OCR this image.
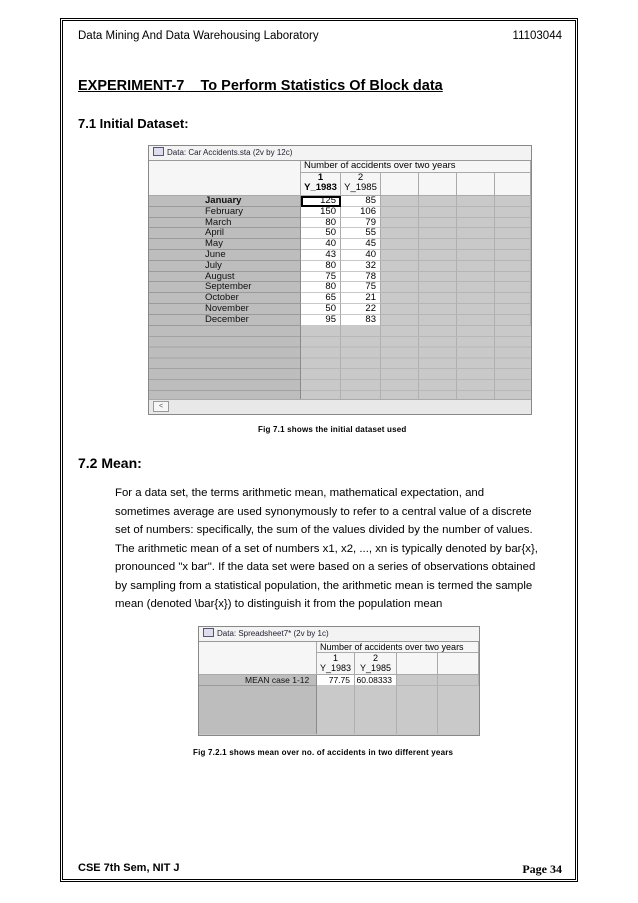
Data Mining And Data Warehousing Laboratory	11103044
EXPERIMENT-7 To Perform Statistics Of Block data
7.1 Initial Dataset:
Data: Car Accidents.sta (2v by 12c)
Number of accidents over two years
1
Y_1983
2
Y_1985
January	125	85
February	150	106
March	80	79
April	50	55
May	40	45
June	43	40
July	80	32
August	75	78
September	80	75
October	65	21
November	50	22
December	95	83
<
Fig 7.1 shows the initial dataset used
7.2 Mean:

For a data set, the terms arithmetic mean, mathematical expectation, and

sometimes average are used synonymously to refer to a central value of a discrete

set of numbers: specifically, the sum of the values divided by the number of values.

The arithmetic mean of a set of numbers x1, x2, ..., xn is typically denoted by bar{x},

pronounced "x bar". If the data set were based on a series of observations obtained

by sampling from a statistical population, the arithmetic mean is termed the sample

mean (denoted \bar{x}) to distinguish it from the population mean

Data: Spreadsheet7* (2v by 1c)
Number of accidents over two years
1
Y_1983
2
Y_1985
MEAN case 1-12	77.75 60.08333
Fig 7.2.1 shows mean over no. of accidents in two different years
CSE 7th Sem, NIT J	Page 34
